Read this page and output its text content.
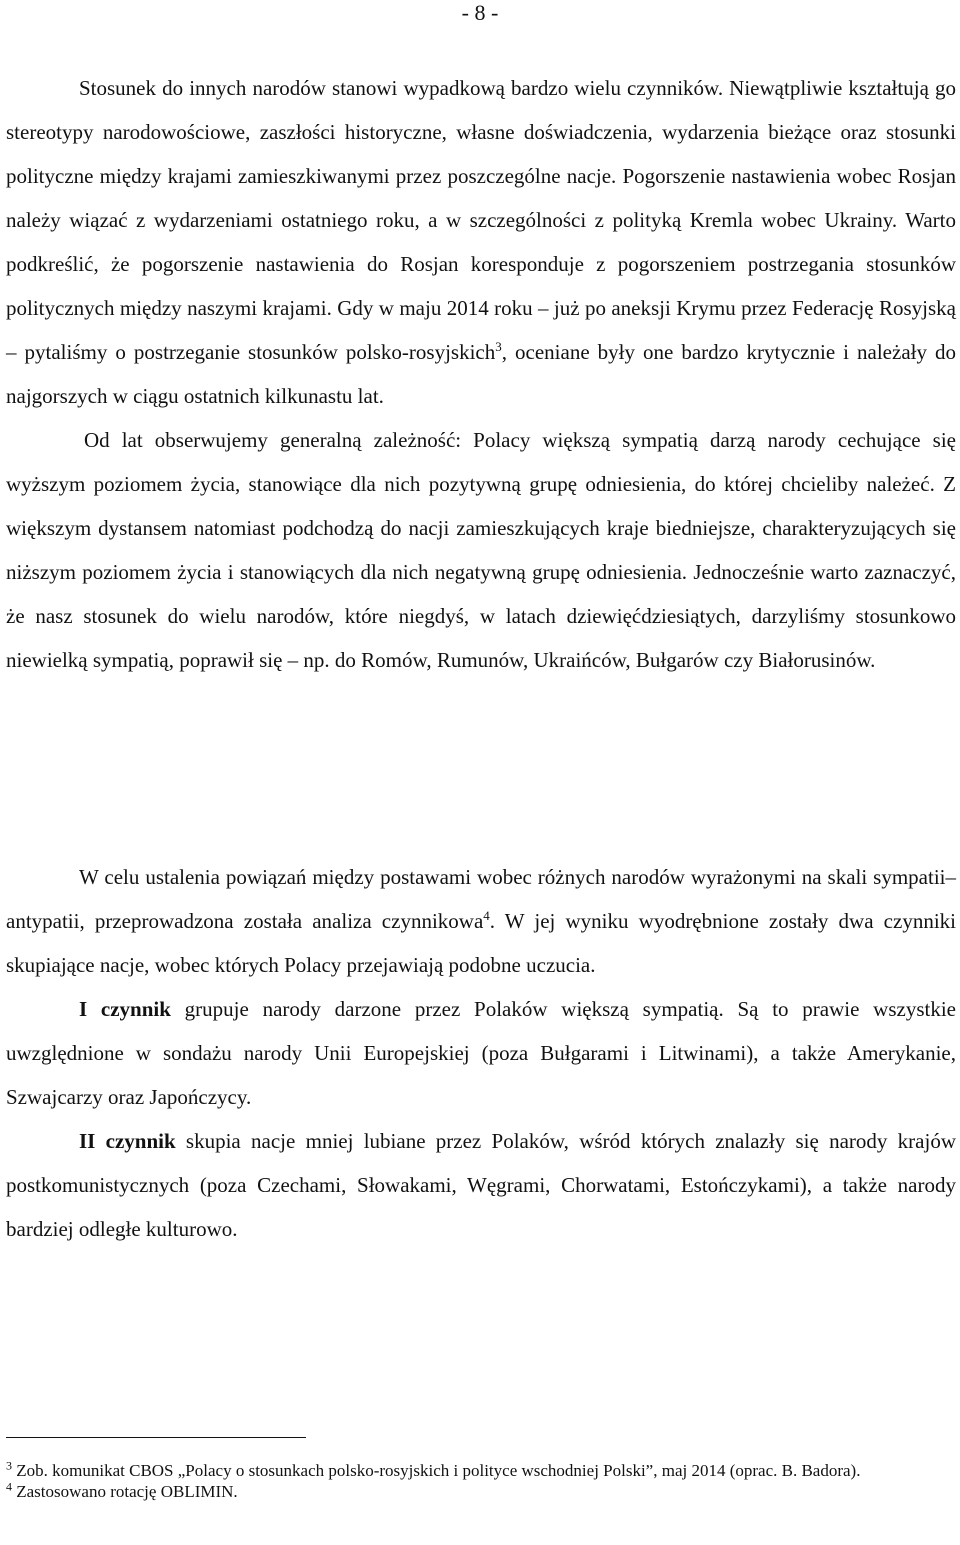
- 8 -

Stosunek do innych narodów stanowi wypadkową bardzo wielu czynników. Niewątpliwie kształtują go stereotypy narodowościowe, zaszłości historyczne, własne doświadczenia, wydarzenia bieżące oraz stosunki polityczne między krajami zamieszkiwanymi przez poszczególne nacje. Pogorszenie nastawienia wobec Rosjan należy wiązać z wydarzeniami ostatniego roku, a w szczególności z polityką Kremla wobec Ukrainy. Warto podkreślić, że pogorszenie nastawienia do Rosjan koresponduje z pogorszeniem postrzegania stosunków politycznych między naszymi krajami. Gdy w maju 2014 roku – już po aneksji Krymu przez Federację Rosyjską – pytaliśmy o postrzeganie stosunków polsko-rosyjskich$^3$, oceniane były one bardzo krytycznie i należały do najgorszych w ciągu ostatnich kilkunastu lat.

Od lat obserwujemy generalną zależność: Polacy większą sympatią darzą narody cechujące się wyższym poziomem życia, stanowiące dla nich pozytywną grupę odniesienia, do której chcieliby należeć. Z większym dystansem natomiast podchodzą do nacji zamieszkujących kraje biedniejsze, charakteryzujących się niższym poziomem życia i stanowiących dla nich negatywną grupę odniesienia. Jednocześnie warto zaznaczyć, że nasz stosunek do wielu narodów, które niegdyś, w latach dziewięćdziesiątych, darzyliśmy stosunkowo niewielką sympatią, poprawił się – np. do Romów, Rumunów, Ukraińców, Bułgarów czy Białorusinów.

W celu ustalenia powiązań między postawami wobec różnych narodów wyrażonymi na skali sympatii–antypatii, przeprowadzona została analiza czynnikowa$^4$. W jej wyniku wyodrębnione zostały dwa czynniki skupiające nacje, wobec których Polacy przejawiają podobne uczucia.

I czynnik grupuje narody darzone przez Polaków większą sympatią. Są to prawie wszystkie uwzględnione w sondażu narody Unii Europejskiej (poza Bułgarami i Litwinami), a także Amerykanie, Szwajcarzy oraz Japończycy.

II czynnik skupia nacje mniej lubiane przez Polaków, wśród których znalazły się narody krajów postkomunistycznych (poza Czechami, Słowakami, Węgrami, Chorwatami, Estończykami), a także narody bardziej odległe kulturowo.

$^3$ Zob. komunikat CBOS „Polacy o stosunkach polsko-rosyjskich i polityce wschodniej Polski”, maj 2014 (oprac. B. Badora).

$^4$ Zastosowano rotację OBLIMIN.
